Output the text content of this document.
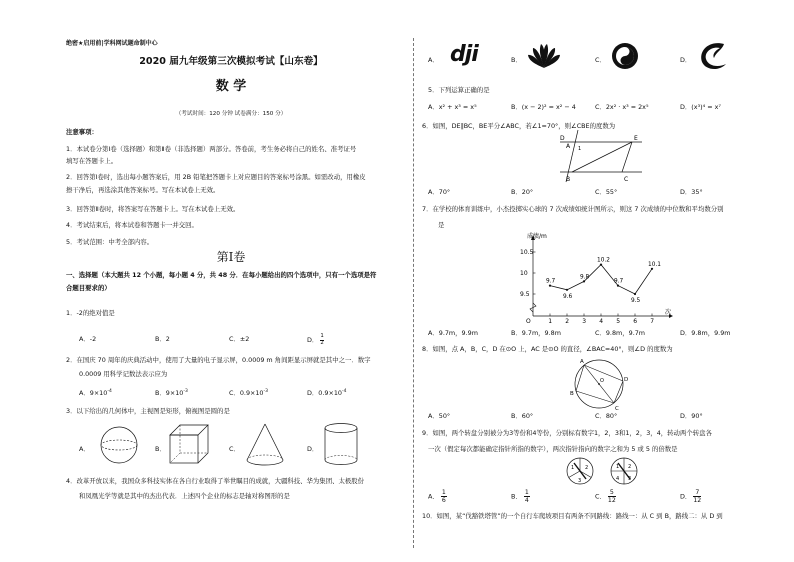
绝密★启用前|学科网试题命制中心
2020 届九年级第三次模拟考试【山东卷】
数 学
（考试时间：120 分钟 试卷满分：150 分）
注意事项：
1．本试卷分第Ⅰ卷（选择题）和第Ⅱ卷（非选择题）两部分。答卷前，考生务必将自己的姓名、准考证号
填写在答题卡上。
2．回答第Ⅰ卷时，选出每小题答案后，用 2B 铅笔把答题卡上对应题目的答案标号涂黑。如需改动，用橡皮
擦干净后，再选涂其他答案标号。写在本试卷上无效。
3．回答第Ⅱ卷时，将答案写在答题卡上。写在本试卷上无效。
4．考试结束后，将本试卷和答题卡一并交回。
5．考试范围：中考全部内容。
第Ⅰ卷
一、选择题（本大题共 12 个小题，每小题 4 分，共 48 分．在每小题给出的四个选项中，只有一个选项是符
合题目要求的）
1．-2的绝对值是
A．-2	B．2	C．±2	D． $\frac{1}{2}$
2．在国庆 70 周年的庆典活动中，使用了大量的电子显示屏，0.0009 m 角间距显示屏就是其中之一．数字
0.0009 用科学记数法表示应为
A．$9\times 10^{-4}$	B．$9\times 10^{-3}$	C．$0.9\times 10^{-3}$	D．$0.9\times 10^{-4}$
3．以下给出的几何体中，主视图是矩形，俯视图是圆的是
A．	B．	C．	D．
4．改革开放以来，我国众多科技实体在各自行业取得了举世瞩目的成就，大疆科技、华为集团、太极股份
和凤凰光学等就是其中的杰出代表．上述四个企业的标志是轴对称图形的是
A． dji	B．	C．	D．
5．下列运算正确的是
A．x² + x³ = x⁵	B．(x − 2)² = x² − 4	C．2x² · x³ = 2x⁵	D．(x³)⁴ = x⁷
6．如图，DE∥BC，BE平分∠ABC，若∠1=70°，则∠CBE的度数为
D	E
A
B	C
1
A．70°	B．20°	C．55°	D．35°
7．在学校的体育训练中，小杰投掷实心球的 7 次成绩如统计图所示，则这 7 次成绩的中位数和平均数分别
是
成绩/m
次
O
9.5
10
10.5
1 2 3 4 5 6 7
9.7
9.6
9.8
10.2
9.7
9.5
10.1
A．9.7m，9.9m	B．9.7m，9.8m	C．9.8m，9.7m	D．9.8m，9.9m
8．如图，点 A，B，C，D 在⊙O 上，AC 是⊙O 的直径，∠BAC=40°，则∠D 的度数为
A
B
C
D
O
A．50°	B．60°	C．80°	D．90°
9．如图，两个转盘分别被分为3等份和4等份，分别标有数字1，2，3和1，2，3，4，转动两个转盘各
一次（假定每次都能确定指针所指的数字），两次指针指向的数字之和为 5 或 5 的倍数是
1 2
3
1 2
3
4
A． $\frac{1}{6}$	B． $\frac{1}{4}$	C． $\frac{5}{12}$	D． $\frac{7}{12}$
10．如图，某“伐豁铁塔管”的一个自行车爬坡项目有两条不同路线：路线一：从 C 到 B，路线二：从 D 到
